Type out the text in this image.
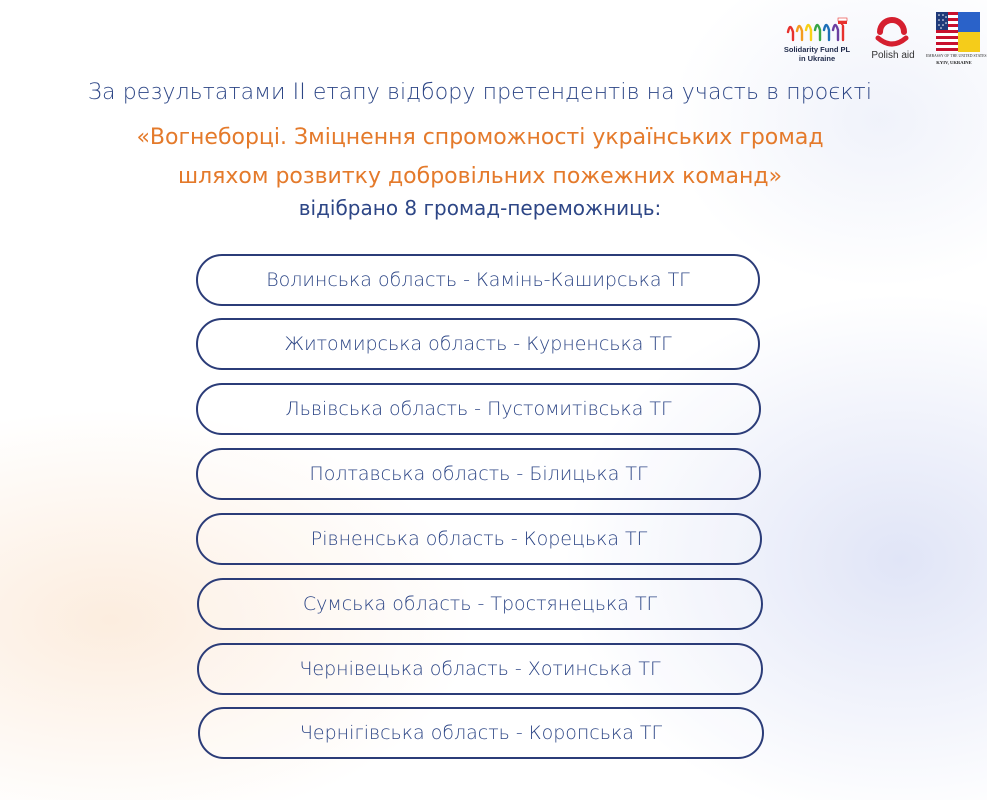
Solidarity Fund PL
in Ukraine	Polish aid	EMBASSY OF THE UNITED STATES
KYIV, UKRAINE

За результатами ІІ етапу відбору претендентів на участь в проєкті

«Вогнеборці. Зміцнення спроможності українських громад
шляхом розвитку добровільних пожежних команд»

відібрано 8 громад-переможниць:

Волинська область - Камінь-Каширська ТГ
Житомирська область - Курненська ТГ
Львівська область - Пустомитівська ТГ
Полтавська область - Білицька ТГ
Рівненська область - Корецька ТГ
Сумська область - Тростянецька ТГ
Чернівецька область - Хотинська ТГ
Чернігівська область - Коропська ТГ
